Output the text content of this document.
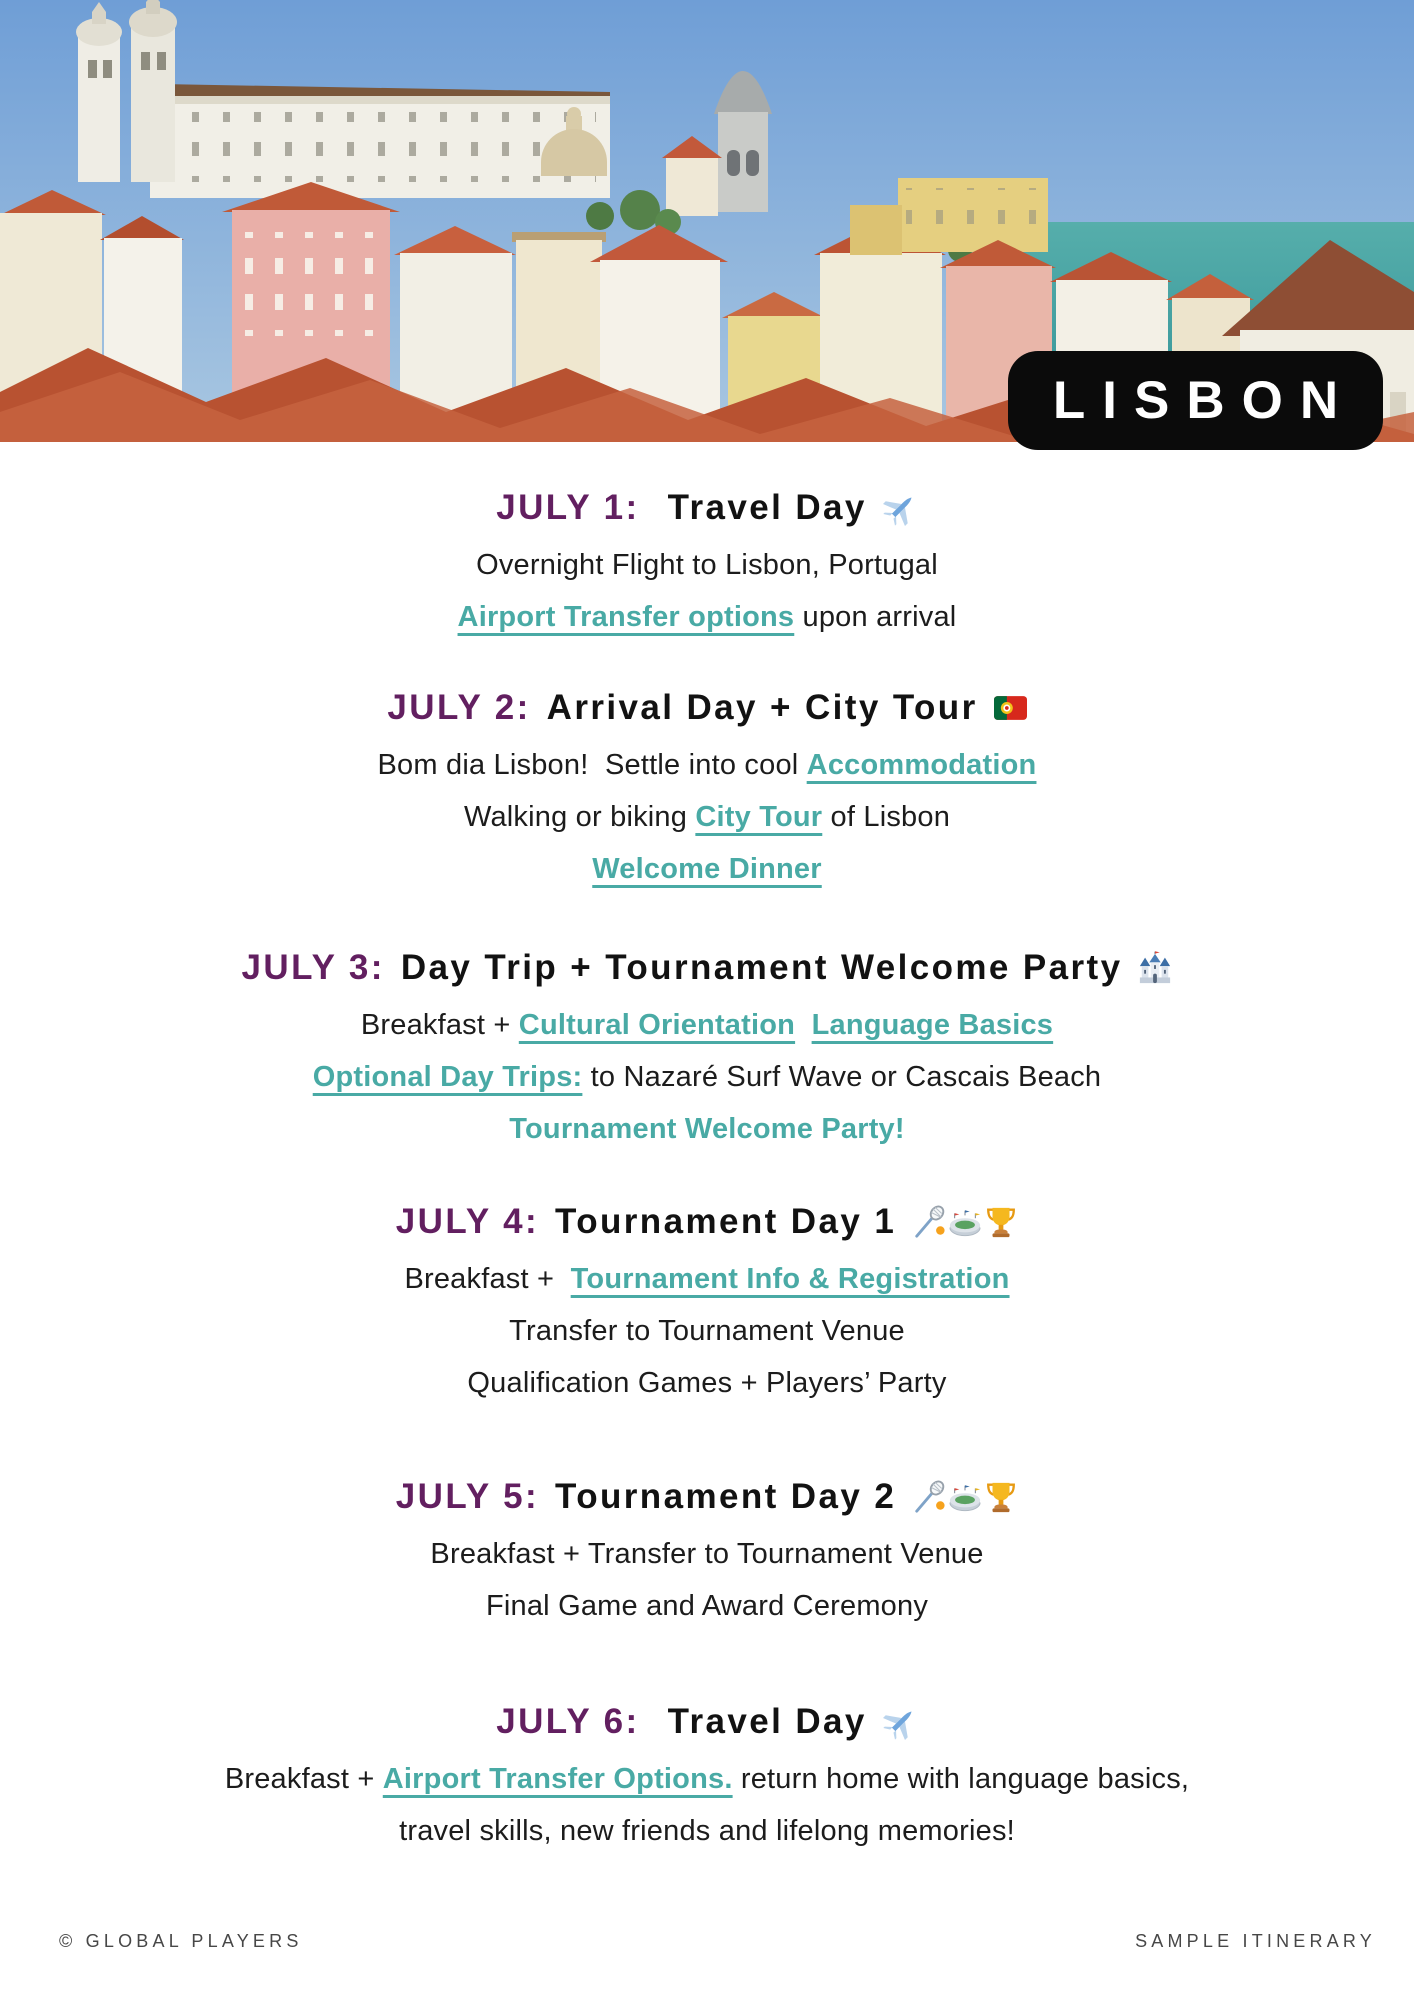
LISBON
JULY 1: Travel Day
Overnight Flight to Lisbon, Portugal
Airport Transfer options upon arrival
JULY 2: Arrival Day + City Tour
Bom dia Lisbon!  Settle into cool Accommodation
Walking or biking City Tour of Lisbon
Welcome Dinner
JULY 3: Day Trip + Tournament Welcome Party
Breakfast + Cultural Orientation Language Basics
Optional Day Trips: to Nazaré Surf Wave or Cascais Beach
Tournament Welcome Party!
JULY 4: Tournament Day 1
Breakfast +  Tournament Info & Registration
Transfer to Tournament Venue
Qualification Games + Players’ Party
JULY 5: Tournament Day 2
Breakfast + Transfer to Tournament Venue
Final Game and Award Ceremony
JULY 6: Travel Day
Breakfast + Airport Transfer Options. return home with language basics,
travel skills, new friends and lifelong memories!
© GLOBAL PLAYERS	SAMPLE ITINERARY
